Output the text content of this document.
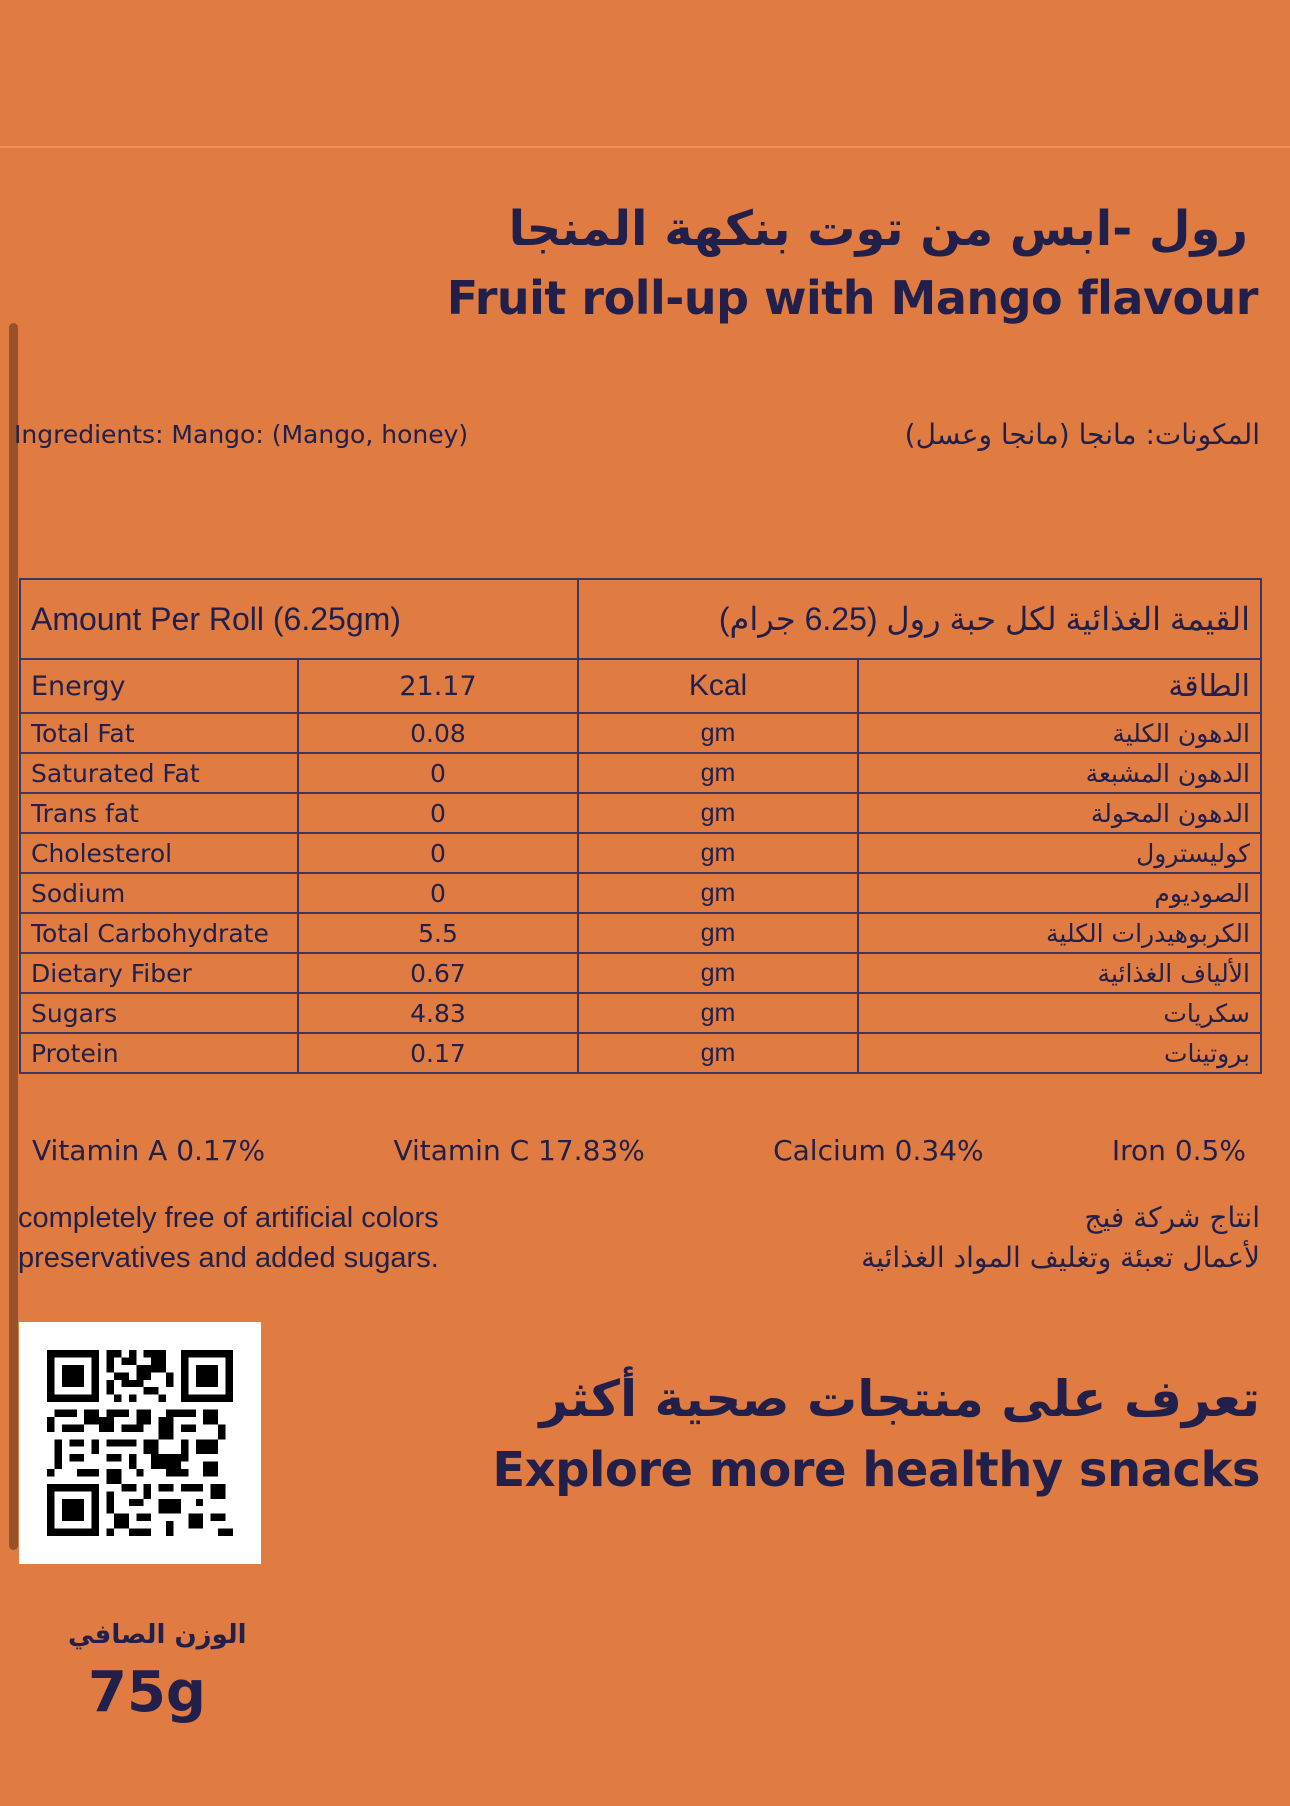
رول -ابس من توت بنكهة المنجا
Fruit roll-up with Mango flavour
Ingredients: Mango: (Mango, honey)	المكونات: مانجا (مانجا وعسل)
Amount Per Roll (6.25gm)		القيمة الغذائية لكل حبة رول (6.25 جرام)	
Energy	21.17	Kcal	الطاقة
Total Fat	0.08	gm	الدهون الكلية
Saturated Fat	0	gm	الدهون المشبعة
Trans fat	0	gm	الدهون المحولة
Cholesterol	0	gm	كوليسترول
Sodium	0	gm	الصوديوم
Total Carbohydrate	5.5	gm	الكربوهيدرات الكلية
Dietary Fiber	0.67	gm	الألياف الغذائية
Sugars	4.83	gm	سكريات
Protein	0.17	gm	بروتينات
Vitamin A 0.17%	Vitamin C 17.83%	Calcium 0.34%	Iron 0.5%
completely free of artificial colors
preservatives and added sugars.
انتاج شركة فيج
لأعمال تعبئة وتغليف المواد الغذائية
تعرف على منتجات صحية أكثر
Explore more healthy snacks
الوزن الصافي
75g
